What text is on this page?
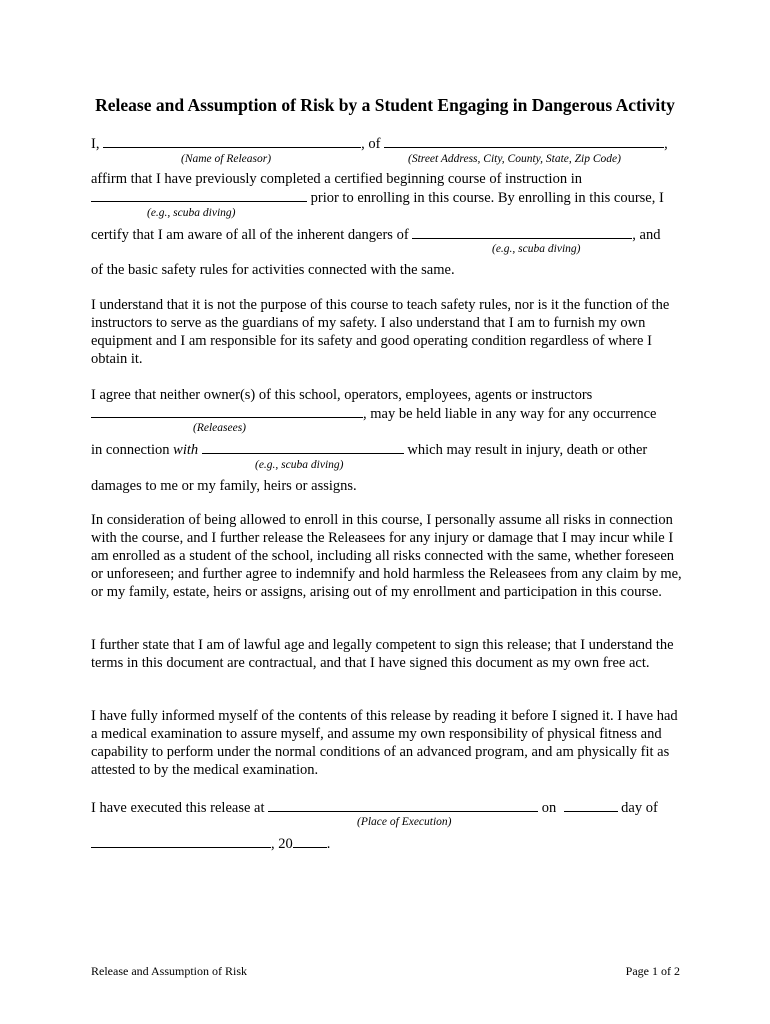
Release and Assumption of Risk by a Student Engaging in Dangerous Activity
I,	, of	,
(Name of Releasor)	(Street Address, City, County, State, Zip Code)
affirm that I have previously completed a certified beginning course of instruction in
prior to enrolling in this course. By enrolling in this course, I
(e.g., scuba diving)
certify that I am aware of all of the inherent dangers of	, and
(e.g., scuba diving)
of the basic safety rules for activities connected with the same.
I understand that it is not the purpose of this course to teach safety rules, nor is it the function of the instructors to serve as the guardians of my safety. I also understand that I am to furnish my own equipment and I am responsible for its safety and good operating condition regardless of where I obtain it.
I agree that neither owner(s) of this school, operators, employees, agents or instructors
, may be held liable in any way for any occurrence
(Releasees)
in connection with	which may result in injury, death or other
(e.g., scuba diving)
damages to me or my family, heirs or assigns.
In consideration of being allowed to enroll in this course, I personally assume all risks in connection with the course, and I further release the Releasees for any injury or damage that I may incur while I am enrolled as a student of the school, including all risks connected with the same, whether foreseen or unforeseen; and further agree to indemnify and hold harmless the Releasees from any claim by me, or my family, estate, heirs or assigns, arising out of my enrollment and participation in this course.
I further state that I am of lawful age and legally competent to sign this release; that I understand the terms in this document are contractual, and that I have signed this document as my own free act.
I have fully informed myself of the contents of this release by reading it before I signed it. I have had a medical examination to assure myself, and assume my own responsibility of physical fitness and capability to perform under the normal conditions of an advanced program, and am physically fit as attested to by the medical examination.
I have executed this release at	on	day of
(Place of Execution)
, 20 .
Release and Assumption of Risk	Page 1 of 2
